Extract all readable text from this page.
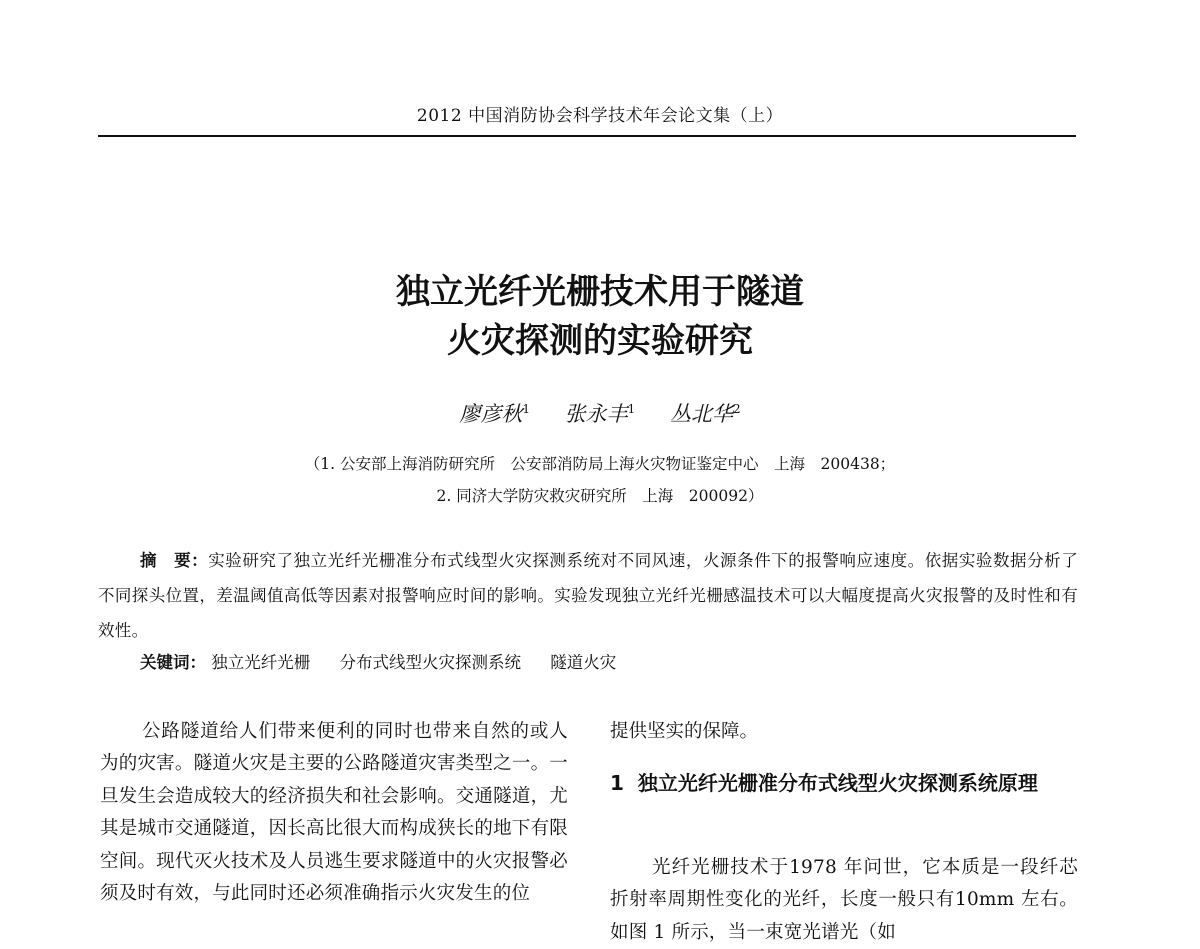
2012 中国消防协会科学技术年会论文集（上）
独立光纤光栅技术用于隧道
火灾探测的实验研究
廖彦秋$^1$ 张永丰$^1$ 丛北华$^2$
（1. 公安部上海消防研究所　公安部消防局上海火灾物证鉴定中心　上海　200438；
2. 同济大学防灾救灾研究所　上海　200092）
摘　要：实验研究了独立光纤光栅准分布式线型火灾探测系统对不同风速，火源条件下的报警响应速度。依据实验数据分析了不同探头位置，差温阈值高低等因素对报警响应时间的影响。实验发现独立光纤光栅感温技术可以大幅度提高火灾报警的及时性和有效性。
关键词： 独立光纤光栅 分布式线型火灾探测系统 隧道火灾
公路隧道给人们带来便利的同时也带来自然的或人为的灾害。隧道火灾是主要的公路隧道灾害类型之一。一旦发生会造成较大的经济损失和社会影响。交通隧道，尤其是城市交通隧道，因长高比很大而构成狭长的地下有限空间。现代灭火技术及人员逃生要求隧道中的火灾报警必须及时有效，与此同时还必须准确指示火灾发生的位
提供坚实的保障。
1 独立光纤光栅准分布式线型火灾探测系统原理
光纤光栅技术于1978 年问世，它本质是一段纤芯折射率周期性变化的光纤，长度一般只有10mm 左右。如图 1 所示，当一束宽光谱光（如
